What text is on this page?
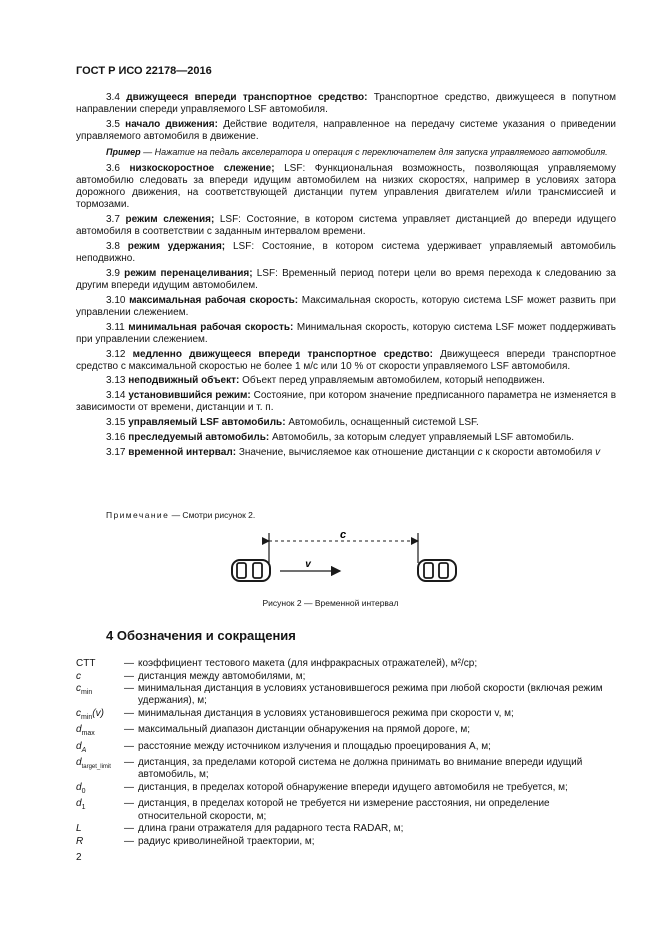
ГОСТ Р ИСО 22178—2016

3.4 движущееся впереди транспортное средство: Транспортное средство, движущееся в попутном направлении спереди управляемого LSF автомобиля.

3.5 начало движения: Действие водителя, направленное на передачу системе указания о приведении управляемого автомобиля в движение.

Пример — Нажатие на педаль акселератора и операция с переключателем для запуска управляемого автомобиля.

3.6 низкоскоростное слежение; LSF: Функциональная возможность, позволяющая управляемому автомобилю следовать за впереди идущим автомобилем на низких скоростях, например в условиях затора дорожного движения, на соответствующей дистанции путем управления двигателем и/или трансмиссией и тормозами.

3.7 режим слежения; LSF: Состояние, в котором система управляет дистанцией до впереди идущего автомобиля в соответствии с заданным интервалом времени.

3.8 режим удержания; LSF: Состояние, в котором система удерживает управляемый автомобиль неподвижно.

3.9 режим перенацеливания; LSF: Временный период потери цели во время перехода к следованию за другим впереди идущим автомобилем.

3.10 максимальная рабочая скорость: Максимальная скорость, которую система LSF может развить при управлении слежением.

3.11 минимальная рабочая скорость: Минимальная скорость, которую система LSF может поддерживать при управлении слежением.

3.12 медленно движущееся впереди транспортное средство: Движущееся впереди транспортное средство с максимальной скоростью не более 1 м/с или 10 % от скорости управляемого LSF автомобиля.

3.13 неподвижный объект: Объект перед управляемым автомобилем, который неподвижен.

3.14 установившийся режим: Состояние, при котором значение предписанного параметра не изменяется в зависимости от времени, дистанции и т. п.

3.15 управляемый LSF автомобиль: Автомобиль, оснащенный системой LSF.

3.16 преследуемый автомобиль: Автомобиль, за которым следует управляемый LSF автомобиль.

3.17 временной интервал: Значение, вычисляемое как отношение дистанции c к скорости автомобиля v

Примечание — Смотри рисунок 2.
c
v
Рисунок 2 — Временной интервал
4 Обозначения и сокращения
CTT	— коэффициент тестового макета (для инфракрасных отражателей), м²/ср;
c	— дистанция между автомобилями, м;
$c_{min}$	— минимальная дистанция в условиях установившегося режима при любой скорости (включая режим удержания), м;
$c_{min}(v)$	— минимальная дистанция в условиях установившегося режима при скорости v, м;
$d_{max}$	— максимальный диапазон дистанции обнаружения на прямой дороге, м;
$d_A$	— расстояние между источником излучения и площадью проецирования A, м;
$d_{target\_limit}$	— дистанция, за пределами которой система не должна принимать во внимание впереди идущий автомобиль, м;
$d_0$	— дистанция, в пределах которой обнаружение впереди идущего автомобиля не требуется, м;
$d_1$	— дистанция, в пределах которой не требуется ни измерение расстояния, ни определение относительной скорости, м;
L	— длина грани отражателя для радарного теста RADAR, м;
R	— радиус криволинейной траектории, м;
2
